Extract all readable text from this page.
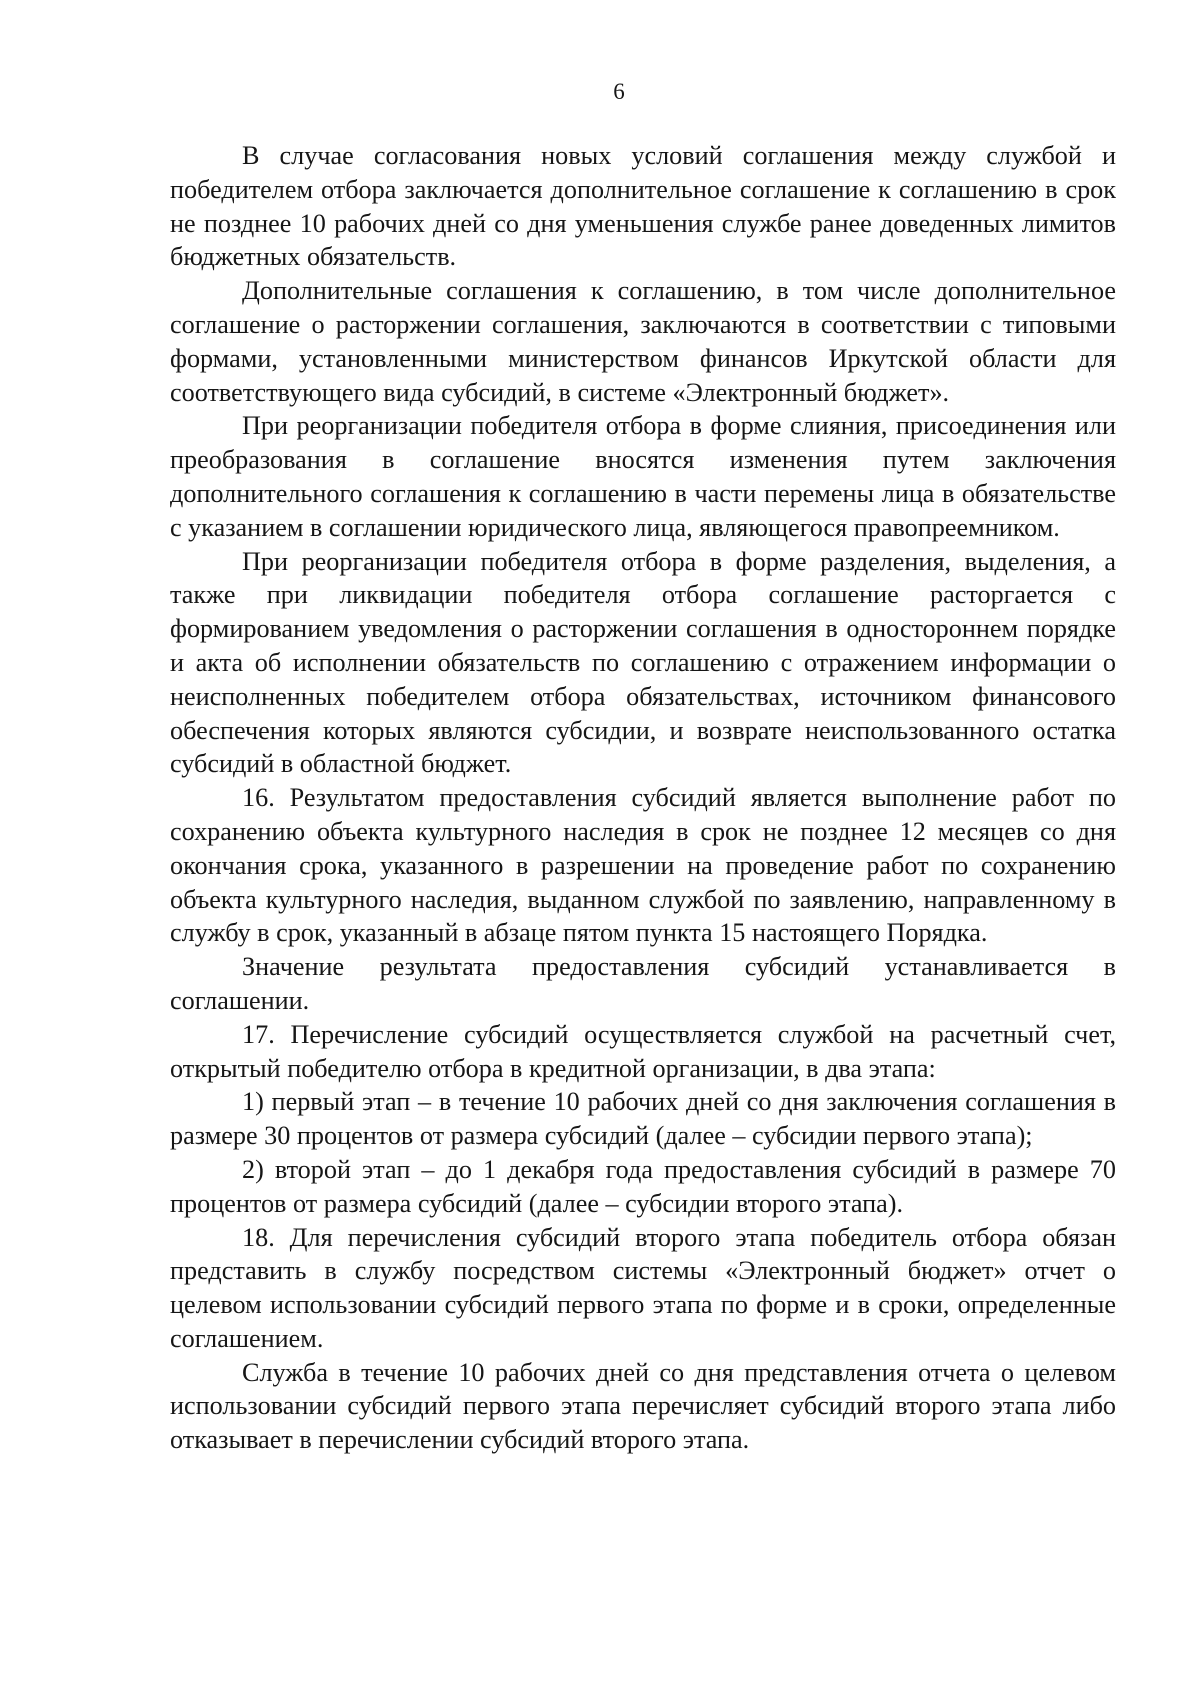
6

В случае согласования новых условий соглашения между службой и победителем отбора заключается дополнительное соглашение к соглашению в срок не позднее 10 рабочих дней со дня уменьшения службе ранее доведенных лимитов бюджетных обязательств.

Дополнительные соглашения к соглашению, в том числе дополнительное соглашение о расторжении соглашения, заключаются в соответствии с типовыми формами, установленными министерством финансов Иркутской области для соответствующего вида субсидий, в системе «Электронный бюджет».

При реорганизации победителя отбора в форме слияния, присоединения или преобразования в соглашение вносятся изменения путем заключения дополнительного соглашения к соглашению в части перемены лица в обязательстве с указанием в соглашении юридического лица, являющегося правопреемником.

При реорганизации победителя отбора в форме разделения, выделения, а также при ликвидации победителя отбора соглашение расторгается с формированием уведомления о расторжении соглашения в одностороннем порядке и акта об исполнении обязательств по соглашению с отражением информации о неисполненных победителем отбора обязательствах, источником финансового обеспечения которых являются субсидии, и возврате неиспользованного остатка субсидий в областной бюджет.

16. Результатом предоставления субсидий является выполнение работ по сохранению объекта культурного наследия в срок не позднее 12 месяцев со дня окончания срока, указанного в разрешении на проведение работ по сохранению объекта культурного наследия, выданном службой по заявлению, направленному в службу в срок, указанный в абзаце пятом пункта 15 настоящего Порядка.

Значение результата предоставления субсидий устанавливается в соглашении.

17. Перечисление субсидий осуществляется службой на расчетный счет, открытый победителю отбора в кредитной организации, в два этапа:

1) первый этап – в течение 10 рабочих дней со дня заключения соглашения в размере 30 процентов от размера субсидий (далее – субсидии первого этапа);

2) второй этап – до 1 декабря года предоставления субсидий в размере 70 процентов от размера субсидий (далее – субсидии второго этапа).

18. Для перечисления субсидий второго этапа победитель отбора обязан представить в службу посредством системы «Электронный бюджет» отчет о целевом использовании субсидий первого этапа по форме и в сроки, определенные соглашением.

Служба в течение 10 рабочих дней со дня представления отчета о целевом использовании субсидий первого этапа перечисляет субсидий второго этапа либо отказывает в перечислении субсидий второго этапа.
